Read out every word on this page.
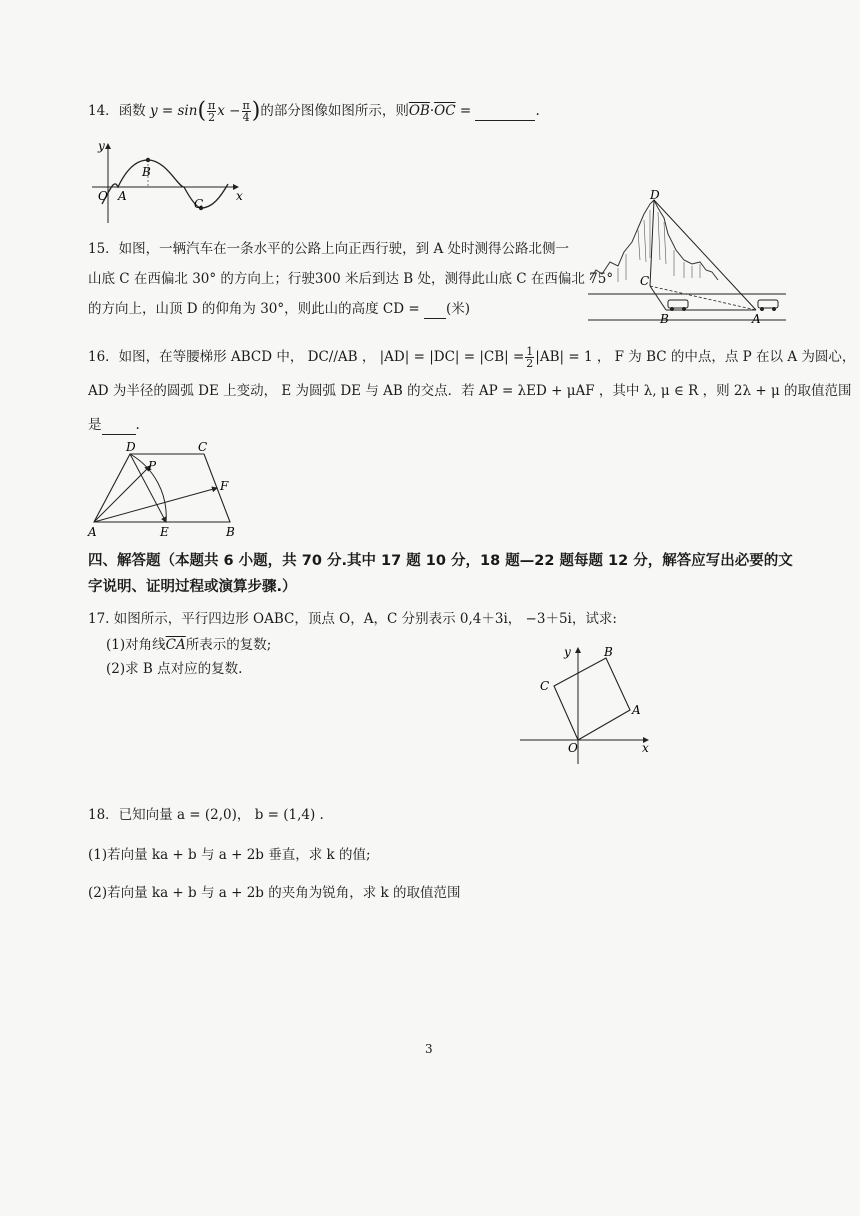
14．函数 $y = \sin( \frac{\pi}{2}$ $x - \frac{\pi}{4}$ )的部分图像如图所示，则$\overline{OB}\cdot\overline{OC}$ =	.
y
x
O A
B
C
15．如图，一辆汽车在一条水平的公路上向正西行驶，到 A 处时测得公路北侧一
山底 C 在西偏北 30° 的方向上；行驶300 米后到达 B 处，测得此山底 C 在西偏北 75°
的方向上，山顶 D 的仰角为 30°，则此山的高度 CD = (米)
D
C
B	A
16．如图，在等腰梯形 ABCD 中， DC//AB ， $|AD| = |DC| = |CB| = \frac{1}{2} |AB| = 1$ ， F 为 BC 的中点，点 P 在以 A 为圆心，
AD 为半径的圆弧 DE 上变动， E 为圆弧 DE 与 AB 的交点．若 AP = λED + μAF ，其中 λ, μ ∈ R ，则 2λ + μ 的取值范围
是	.
D	C
P
F
A	E	B
四、解答题（本题共 6 小题，共 70 分.其中 17 题 10 分，18 题—22 题每题 12 分，解答应写出必要的文
字说明、证明过程或演算步骤.）
17. 如图所示，平行四边形 OABC，顶点 O，A，C 分别表示 0,4＋3i， −3＋5i，试求:
(1)对角线$\overline{CA}$所表示的复数;
(2)求 B 点对应的复数.
y
x
O
A
B
C
18．已知向量 a = (2,0)， b = (1,4) .
(1)若向量 ka + b 与 a + 2b 垂直，求 k 的值;
(2)若向量 ka + b 与 a + 2b 的夹角为锐角，求 k 的取值范围
3
